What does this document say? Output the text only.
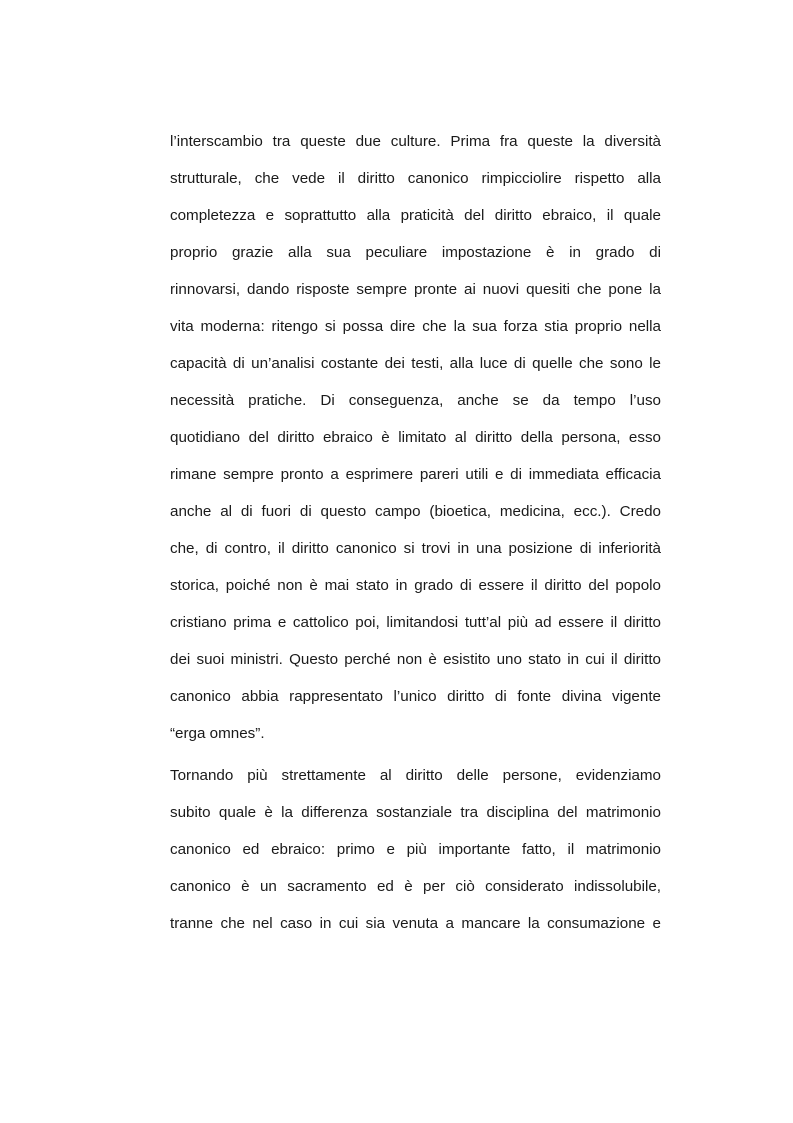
l’interscambio tra queste due culture. Prima fra queste la diversità
strutturale, che vede il diritto canonico rimpicciolire rispetto alla
completezza e soprattutto alla praticità del diritto ebraico, il quale
proprio grazie alla sua peculiare impostazione è in grado di
rinnovarsi, dando risposte sempre pronte ai nuovi quesiti che pone la
vita moderna: ritengo si possa dire che la sua forza stia proprio nella
capacità di un’analisi costante dei testi, alla luce di quelle che sono le
necessità pratiche. Di conseguenza, anche se da tempo l’uso
quotidiano del diritto ebraico è limitato al diritto della persona, esso
rimane sempre pronto a esprimere pareri utili e di immediata efficacia
anche al di fuori di questo campo (bioetica, medicina, ecc.). Credo
che, di contro, il diritto canonico si trovi in una posizione di inferiorità
storica, poiché non è mai stato in grado di essere il diritto del popolo
cristiano prima e cattolico poi, limitandosi tutt’al più ad essere il diritto
dei suoi ministri. Questo perché non è esistito uno stato in cui il diritto
canonico abbia rappresentato l’unico diritto di fonte divina vigente
“erga omnes”.
Tornando più strettamente al diritto delle persone, evidenziamo
subito quale è la differenza sostanziale tra disciplina del matrimonio
canonico ed ebraico: primo e più importante fatto, il matrimonio
canonico è un sacramento ed è per ciò considerato indissolubile,
tranne che nel caso in cui sia venuta a mancare la consumazione e
